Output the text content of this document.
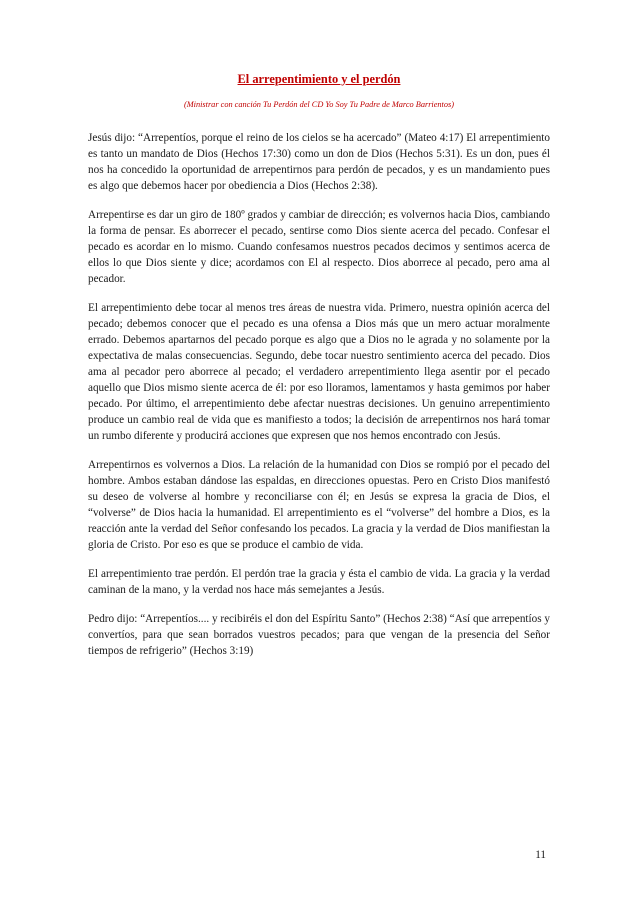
El arrepentimiento y el perdón
(Ministrar con canción Tu Perdón del CD Yo Soy Tu Padre de Marco Barrientos)

Jesús dijo: “Arrepentíos, porque el reino de los cielos se ha acercado” (Mateo 4:17) El arrepentimiento es tanto un mandato de Dios (Hechos 17:30) como un don de Dios (Hechos 5:31). Es un don, pues él nos ha concedido la oportunidad de arrepentirnos para perdón de pecados, y es un mandamiento pues es algo que debemos hacer por obediencia a Dios (Hechos 2:38).

Arrepentirse es dar un giro de 180º grados y cambiar de dirección; es volvernos hacia Dios, cambiando la forma de pensar. Es aborrecer el pecado, sentirse como Dios siente acerca del pecado. Confesar el pecado es acordar en lo mismo. Cuando confesamos nuestros pecados decimos y sentimos acerca de ellos lo que Dios siente y dice; acordamos con El al respecto. Dios aborrece al pecado, pero ama al pecador.

El arrepentimiento debe tocar al menos tres áreas de nuestra vida. Primero, nuestra opinión acerca del pecado; debemos conocer que el pecado es una ofensa a Dios más que un mero actuar moralmente errado. Debemos apartarnos del pecado porque es algo que a Dios no le agrada y no solamente por la expectativa de malas consecuencias. Segundo, debe tocar nuestro sentimiento acerca del pecado. Dios ama al pecador pero aborrece al pecado; el verdadero arrepentimiento llega asentir por el pecado aquello que Dios mismo siente acerca de él: por eso lloramos, lamentamos y hasta gemimos por haber pecado. Por último, el arrepentimiento debe afectar nuestras decisiones. Un genuino arrepentimiento produce un cambio real de vida que es manifiesto a todos; la decisión de arrepentirnos nos hará tomar un rumbo diferente y producirá acciones que expresen que nos hemos encontrado con Jesús.

Arrepentirnos es volvernos a Dios. La relación de la humanidad con Dios se rompió por el pecado del hombre. Ambos estaban dándose las espaldas, en direcciones opuestas. Pero en Cristo Dios manifestó su deseo de volverse al hombre y reconciliarse con él; en Jesús se expresa la gracia de Dios, el “volverse” de Dios hacia la humanidad. El arrepentimiento es el “volverse” del hombre a Dios, es la reacción ante la verdad del Señor confesando los pecados. La gracia y la verdad de Dios manifiestan la gloria de Cristo. Por eso es que se produce el cambio de vida.

El arrepentimiento trae perdón. El perdón trae la gracia y ésta el cambio de vida. La gracia y la verdad caminan de la mano, y la verdad nos hace más semejantes a Jesús.

Pedro dijo: “Arrepentíos.... y recibiréis el don del Espíritu Santo” (Hechos 2:38) “Así que arrepentíos y convertíos, para que sean borrados vuestros pecados; para que vengan de la presencia del Señor tiempos de refrigerio” (Hechos 3:19)

11
